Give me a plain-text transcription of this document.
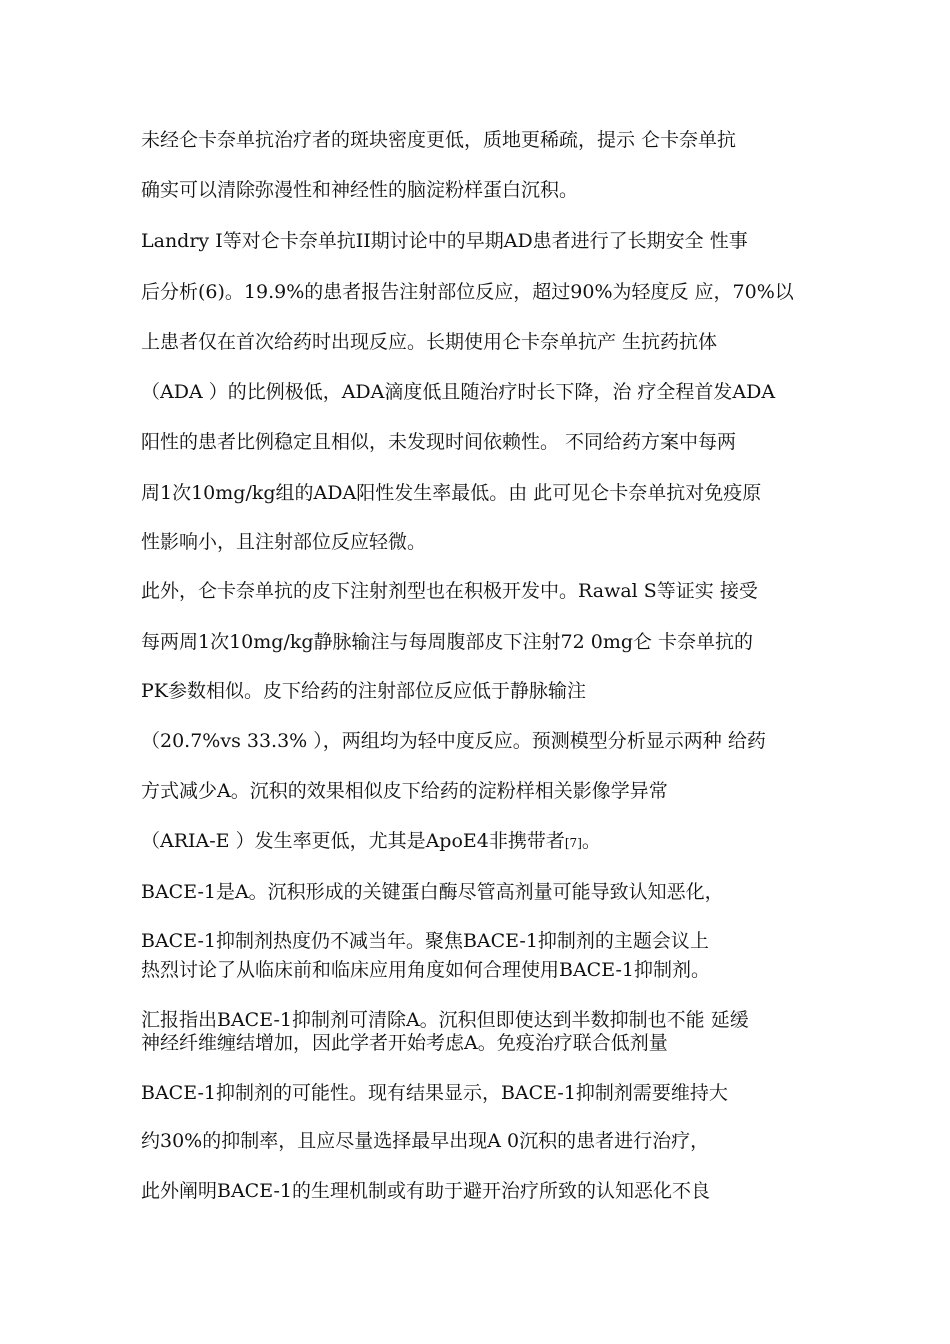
未经仑卡奈单抗治疗者的斑块密度更低，质地更稀疏，提示 仑卡奈单抗

确实可以清除弥漫性和神经性的脑淀粉样蛋白沉积。

Landry I等对仑卡奈单抗II期讨论中的早期AD患者进行了长期安全 性事

后分析(6)。19.9%的患者报告注射部位反应，超过90%为轻度反 应，70%以

上患者仅在首次给药时出现反应。长期使用仑卡奈单抗产 生抗药抗体

（ADA ）的比例极低，ADA滴度低且随治疗时长下降，治 疗全程首发ADA

阳性的患者比例稳定且相似，未发现时间依赖性。 不同给药方案中每两

周1次10mg/kg组的ADA阳性发生率最低。由 此可见仑卡奈单抗对免疫原

性影响小，且注射部位反应轻微。

此外，仑卡奈单抗的皮下注射剂型也在积极开发中。Rawal S等证实 接受

每两周1次10mg/kg静脉输注与每周腹部皮下注射72 0mg仑 卡奈单抗的

PK参数相似。皮下给药的注射部位反应低于静脉输注

（20.7%vs 33.3% ），两组均为轻中度反应。预测模型分析显示两种 给药

方式减少A。沉积的效果相似皮下给药的淀粉样相关影像学异常

（ARIA-E ）发生率更低，尤其是ApoE4非携带者[7]。

BACE-1是A。沉积形成的关键蛋白酶尽管高剂量可能导致认知恶化，

BACE-1抑制剂热度仍不减当年。聚焦BACE-1抑制剂的主题会议上

热烈讨论了从临床前和临床应用角度如何合理使用BACE-1抑制剂。

汇报指出BACE-1抑制剂可清除A。沉积但即使达到半数抑制也不能 延缓

神经纤维缠结增加，因此学者开始考虑A。免疫治疗联合低剂量

BACE-1抑制剂的可能性。现有结果显示，BACE-1抑制剂需要维持大

约30%的抑制率，且应尽量选择最早出现A 0沉积的患者进行治疗，

此外阐明BACE-1的生理机制或有助于避开治疗所致的认知恶化不良
